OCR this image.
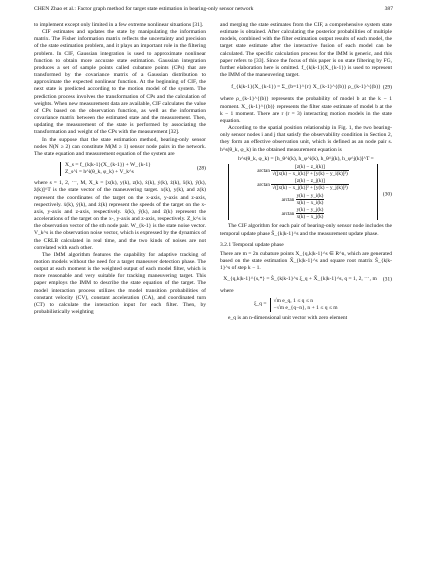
CHEN Zhao et al.: Factor graph method for target state estimation in bearing-only sensor network	387

to implement except only limited in a few extreme nonlinear situations [31].

CIF estimates and updates the state by manipulating the information matrix. The Fisher information matrix reflects the uncertainty and precision of the state estimation problem, and it plays an important role in the filtering problem. In CIF, Gaussian integration is used to approximate nonlinear function to obtain more accurate state estimation. Gaussian integration produces a set of sample points called cubature points (CPs) that are transformed by the covariance matrix of a Gaussian distribution to approximate the expected nonlinear function. At the beginning of CIF, the next state is predicted according to the motion model of the system. The prediction process involves the transformation of CPs and the calculation of weights. When new measurement data are available, CIF calculates the value of CPs based on the observation function, as well as the information covariance matrix between the estimated state and the measurement. Then, updating the measurement of the state is performed by associating the transformation and weight of the CPs with the measurement [32].

In the suppose that the state estimation method, bearing-only sensor nodes N(N ≥ 2) can constitute M(M ≥ 1) sensor node pairs in the network. The state equation and measurement equation of the system are

X_s = f_{k|k-1}(X_{k-1}) + W_{k-1}
Z_s^i = h^i(θ_k, φ_k) + V_k^s
(28)

where s = 1, 2, ⋯, M, X_k = [x(k), y(k), z(k), ẋ(k), ẏ(k), ż(k), ẍ(k), ÿ(k), z̈(k)]^T is the state vector of the maneuvering target. x(k), y(k), and z(k) represent the coordinates of the target on the x-axis, y-axis and z-axis, respectively. ẋ(k), ẏ(k), and ż(k) represent the speeds of the target on the x-axis, y-axis and z-axis, respectively. ẍ(k), ÿ(k), and z̈(k) represent the accelerations of the target on the x-, y-axis and z-axis, respectively. Z_k^s is the observation vector of the sth node pair. W_{k-1} is the state noise vector. V_k^s is the observation noise vector, which is expressed by the dynamics of the CRLB calculated in real time, and the two kinds of noises are not correlated with each other.

The IMM algorithm features the capability for adaptive tracking of motion models without the need for a target maneuver detection phase. The output at each moment is the weighted output of each model filter, which is more reasonable and very suitable for tracking maneuvering target. This paper employs the IMM to describe the state equation of the target. The model interaction process utilizes the model transition probabilities of constant velocity (CV), constant acceleration (CA), and coordinated turn (CT) to calculate the interaction input for each filter. Then, by probabilistically weighting

and merging the state estimates from the CIF, a comprehensive system state estimate is obtained. After calculating the posterior probabilities of multiple models, combined with the filter estimation output results of each model, the target state estimate after the interactive fusion of each model can be calculated. The specific calculation process for the IMM is generic, and this paper refers to [33]. Since the focus of this paper is on state filtering by FG, further elaboration here is omitted. f_{k|k-1}(X_{k-1}) is used to represent the IMM of the maneuvering target.

f_{k|k-1}(X_{k-1}) = Σ_{b=1}^{r} X_{k-1}^{(b)} ρ_{k-1}^{(b)} (29)

where ρ_{k-1}^{(b)} represents the probability of model b at the k − 1 moment. X_{k-1}^{(b)} represents the filter state estimate of model b at the k − 1 moment. There are r (r = 3) interacting motion models in the state equation.

According to the spatial position relationship in Fig. 1, the two bearing-only sensor nodes i and j that satisfy the observability condition in Section 2, they form an effective observation unit, which is defined as an node pair s. h^s(θ_k, φ_k) in the obtained measurement equation is

h^s(θ_k, φ_k) = [h_θ^i(k), h_φ^i(k), h_θ^j(k), h_φ^j(k)]^T =
$\arctan \frac{[z(k) - z\_i(k)]}{\text{√([x(k) − x\_i(k)]² + [y(k) − y\_i(k)]²)}}$
$\arctan \frac{[z(k) - z\_j(k)]}{\text{√([x(k) − x\_j(k)]² + [y(k) − y\_j(k)]²)}}$
$\arctan \frac{y(k) - y\_i(k)}{x(k) - x\_i(k)}$
$\arctan \frac{y(k) - y\_j(k)}{x(k) - x\_j(k)}$
(30)

The CIF algorithm for each pair of bearing-only sensor node includes the temporal update phase Ŝ_{k|k-1}^s and the measurement update phase.

3.2.1 Temporal update phase

There are m = 2n cubature points X_{q,k|k-1}^s ∈ R^n, which are generated based on the state estimation X̂_{k|k-1}^s and square root matrix Ŝ_{k|k-1}^s of step k − 1.

X_{q,k|k-1}^{s,*} = Ŝ_{k|k-1}^s ξ_q + X̂_{k|k-1}^s, q = 1, 2, ⋯, m	(31)

where

ξ_q =
√m e_q, 1 ≤ q ≤ n
−√m e_{q−n}, n + 1 ≤ q ≤ m

e_q is an n-dimensional unit vector with zero element
